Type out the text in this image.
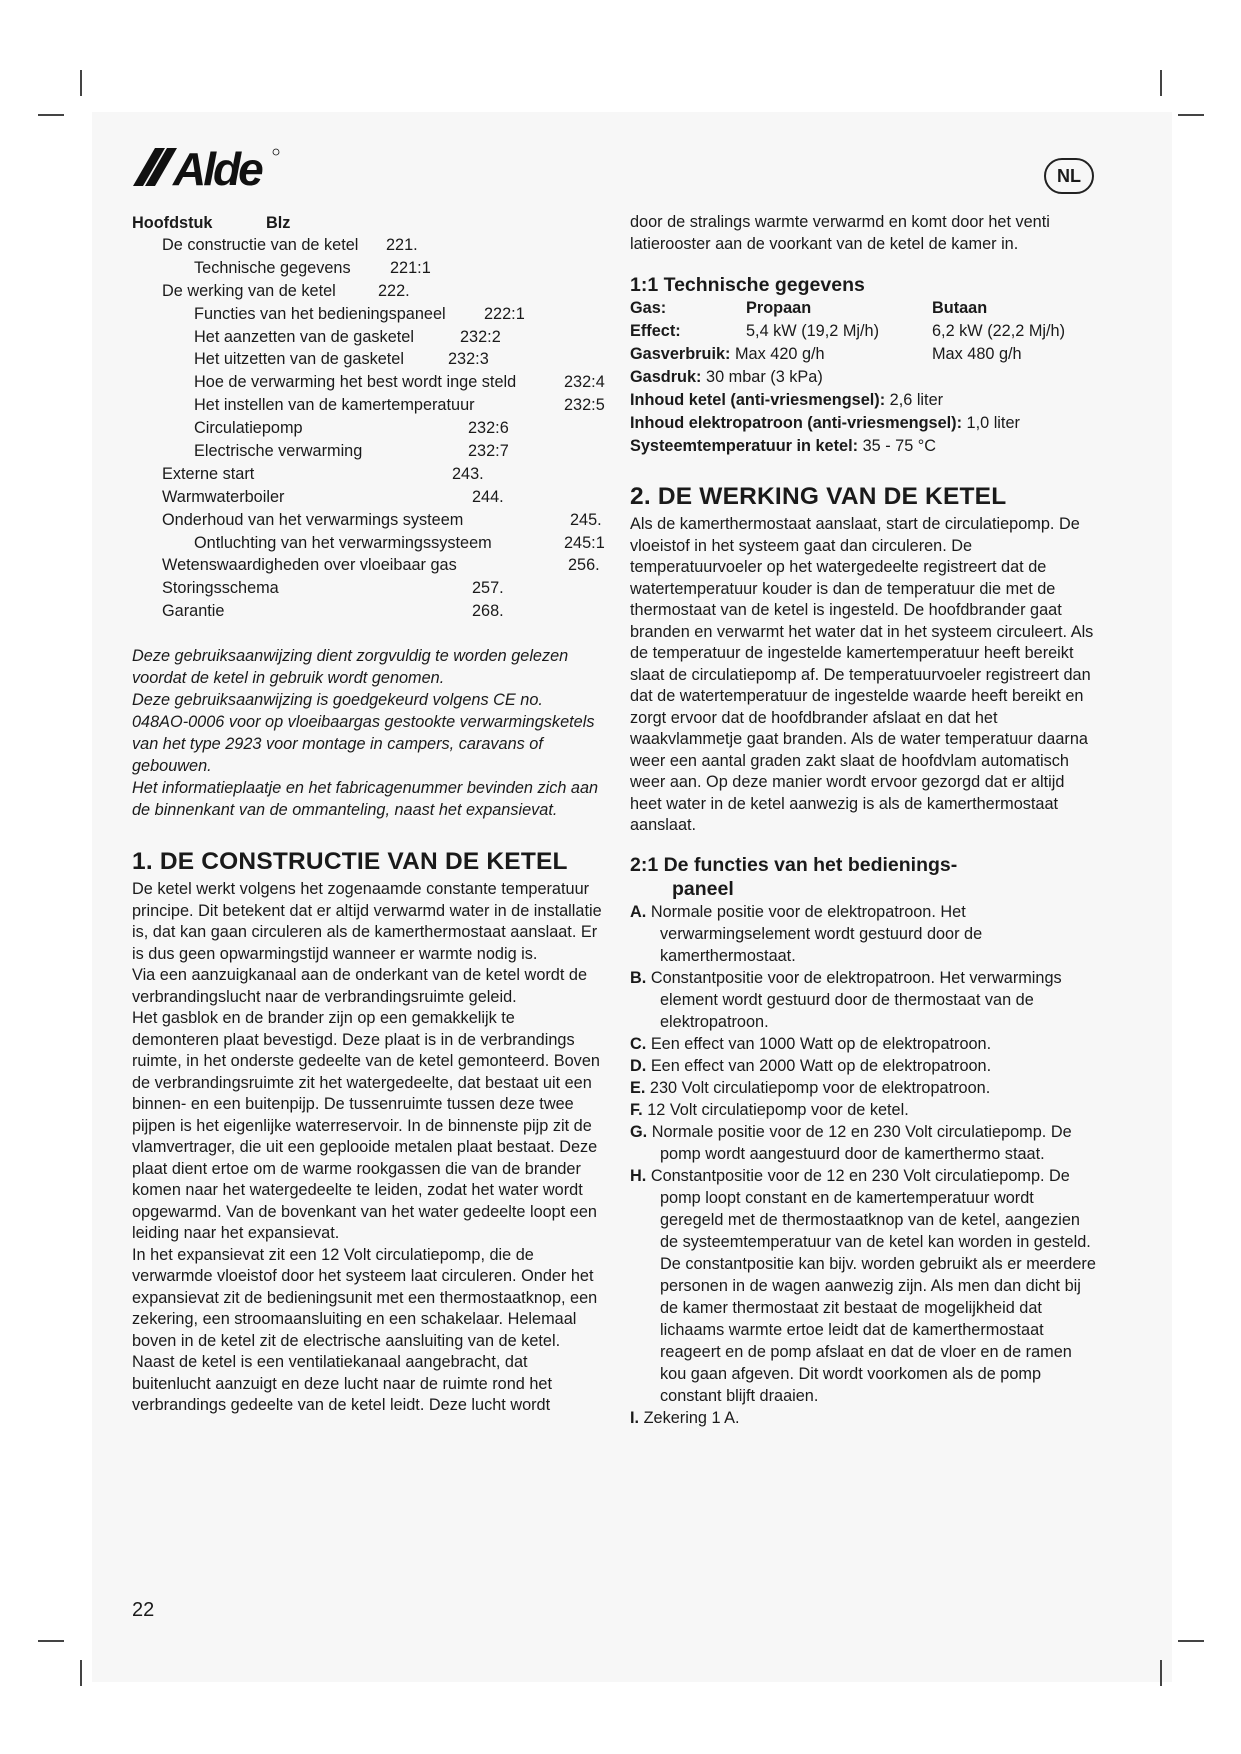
Alde	NL
Hoofdstuk	Blz
De constructie van de ketel 221.
Technische gegevens 221:1
De werking van de ketel	222.
Functies van het bedieningspaneel 222:1
Het aanzetten van de gasketel	232:2
Het uitzetten van de gasketel	232:3
Hoe de verwarming het best wordt inge steld	232:4
Het instellen van de kamertemperatuur	232:5
Circulatiepomp	232:6
Electrische verwarming	232:7
Externe start	243.
Warmwaterboiler	244.
Onderhoud van het verwarmings systeem	245.
Ontluchting van het verwarmingssysteem	245:1
Wetenswaardigheden over vloeibaar gas	256.
Storingsschema	257.
Garantie	268.

Deze gebruiksaanwijzing dient zorgvuldig te worden gelezen voordat de ketel in gebruik wordt genomen.

Deze gebruiksaanwijzing is goedgekeurd volgens CE no. 048AO-0006 voor op vloeibaargas gestookte verwarmingsketels van het type 2923 voor montage in campers, caravans of gebouwen.

Het informatieplaatje en het fabricagenummer bevinden zich aan de binnenkant van de ommanteling, naast het expansievat.

1. DE CONSTRUCTIE VAN DE KETEL

De ketel werkt volgens het zogenaamde constante temperatuur principe. Dit betekent dat er altijd verwarmd water in de installatie is, dat kan gaan circuleren als de kamerthermostaat aanslaat. Er is dus geen opwarmingstijd wanneer er warmte nodig is.

Via een aanzuigkanaal aan de onderkant van de ketel wordt de verbrandingslucht naar de verbrandingsruimte geleid.

Het gasblok en de brander zijn op een gemakkelijk te demonteren plaat bevestigd. Deze plaat is in de verbrandings ruimte, in het onderste gedeelte van de ketel gemonteerd. Boven de verbrandingsruimte zit het watergedeelte, dat bestaat uit een binnen- en een buitenpijp. De tussenruimte tussen deze twee pijpen is het eigenlijke waterreservoir. In de binnenste pijp zit de vlamvertrager, die uit een geplooide metalen plaat bestaat. Deze plaat dient ertoe om de warme rookgassen die van de brander komen naar het watergedeelte te leiden, zodat het water wordt opgewarmd. Van de bovenkant van het water gedeelte loopt een leiding naar het expansievat.

In het expansievat zit een 12 Volt circulatiepomp, die de verwarmde vloeistof door het systeem laat circuleren. Onder het expansievat zit de bedieningsunit met een thermostaatknop, een zekering, een stroomaansluiting en een schakelaar. Helemaal boven in de ketel zit de electrische aansluiting van de ketel. Naast de ketel is een ventilatiekanaal aangebracht, dat buitenlucht aanzuigt en deze lucht naar de ruimte rond het verbrandings gedeelte van de ketel leidt. Deze lucht wordt

door de stralings warmte verwarmd en komt door het venti latierooster aan de voorkant van de ketel de kamer in.
1:1 Technische gegevens
Gas:	Propaan	Butaan
Effect:	5,4 kW (19,2 Mj/h)	6,2 kW (22,2 Mj/h)
Gasverbruik: Max 420 g/h	Max 480 g/h
Gasdruk: 30 mbar (3 kPa)
Inhoud ketel (anti-vriesmengsel): 2,6 liter
Inhoud elektropatroon (anti-vriesmengsel): 1,0 liter
Systeemtemperatuur in ketel: 35 - 75 °C
2. DE WERKING VAN DE KETEL
Als de kamerthermostaat aanslaat, start de circulatiepomp. De vloeistof in het systeem gaat dan circuleren. De temperatuurvoeler op het watergedeelte registreert dat de watertemperatuur kouder is dan de temperatuur die met de thermostaat van de ketel is ingesteld. De hoofdbrander gaat branden en verwarmt het water dat in het systeem circuleert. Als de temperatuur de ingestelde kamertemperatuur heeft bereikt slaat de circulatiepomp af. De temperatuurvoeler registreert dan dat de watertemperatuur de ingestelde waarde heeft bereikt en zorgt ervoor dat de hoofdbrander afslaat en dat het waakvlammetje gaat branden. Als de water temperatuur daarna weer een aantal graden zakt slaat de hoofdvlam automatisch weer aan. Op deze manier wordt ervoor gezorgd dat er altijd heet water in de ketel aanwezig is als de kamerthermostaat aanslaat.
2:1 De functies van het bedienings-
paneel
A. Normale positie voor de elektropatroon. Het verwarmingselement wordt gestuurd door de kamerthermostaat.
B. Constantpositie voor de elektropatroon. Het verwarmings element wordt gestuurd door de thermostaat van de elektropatroon.
C. Een effect van 1000 Watt op de elektropatroon.
D. Een effect van 2000 Watt op de elektropatroon.
E. 230 Volt circulatiepomp voor de elektropatroon.
F. 12 Volt circulatiepomp voor de ketel.
G. Normale positie voor de 12 en 230 Volt circulatiepomp. De pomp wordt aangestuurd door de kamerthermo staat.
H. Constantpositie voor de 12 en 230 Volt circulatiepomp. De pomp loopt constant en de kamertemperatuur wordt geregeld met de thermostaatknop van de ketel, aangezien de systeemtemperatuur van de ketel kan worden in gesteld. De constantpositie kan bijv. worden gebruikt als er meerdere personen in de wagen aanwezig zijn. Als men dan dicht bij de kamer thermostaat zit bestaat de mogelijkheid dat lichaams warmte ertoe leidt dat de kamerthermostaat reageert en de pomp afslaat en dat de vloer en de ramen kou gaan afgeven. Dit wordt voorkomen als de pomp constant blijft draaien.
I. Zekering 1 A.
22
